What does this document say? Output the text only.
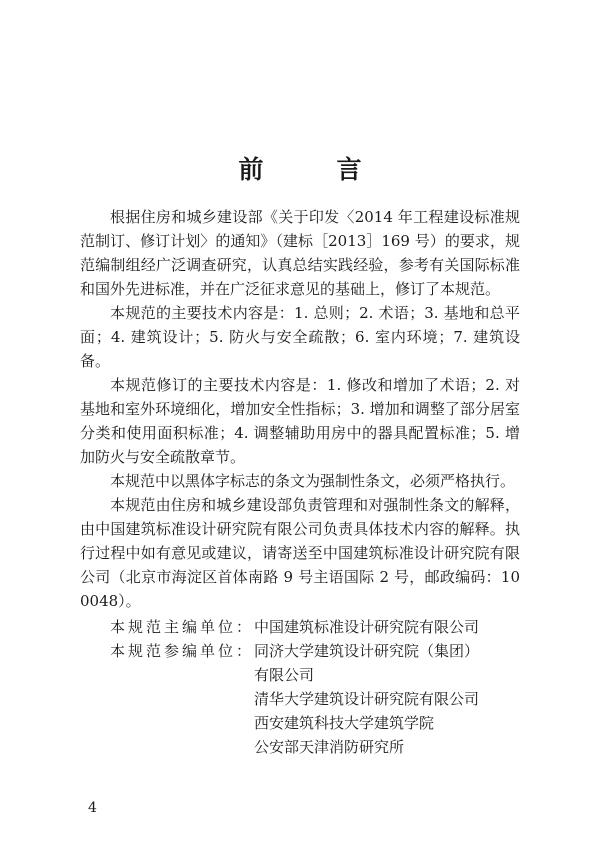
前　言

根据住房和城乡建设部《关于印发〈2014 年工程建设标准规范制订、修订计划〉的通知》（建标［2013］169 号）的要求，规范编制组经广泛调查研究，认真总结实践经验，参考有关国际标准和国外先进标准，并在广泛征求意见的基础上，修订了本规范。

本规范的主要技术内容是：1. 总则；2. 术语；3. 基地和总平面；4. 建筑设计；5. 防火与安全疏散；6. 室内环境；7. 建筑设备。

本规范修订的主要技术内容是：1. 修改和增加了术语；2. 对基地和室外环境细化，增加安全性指标；3. 增加和调整了部分居室分类和使用面积标准；4. 调整辅助用房中的器具配置标准；5. 增加防火与安全疏散章节。

本规范中以黑体字标志的条文为强制性条文，必须严格执行。

本规范由住房和城乡建设部负责管理和对强制性条文的解释，由中国建筑标准设计研究院有限公司负责具体技术内容的解释。执行过程中如有意见或建议，请寄送至中国建筑标准设计研究院有限公司（北京市海淀区首体南路 9 号主语国际 2 号，邮政编码：100048）。

本规范主编单位： 中国建筑标准设计研究院有限公司
本规范参编单位： 同济大学建筑设计研究院（集团）
有限公司
清华大学建筑设计研究院有限公司
西安建筑科技大学建筑学院
公安部天津消防研究所
4
